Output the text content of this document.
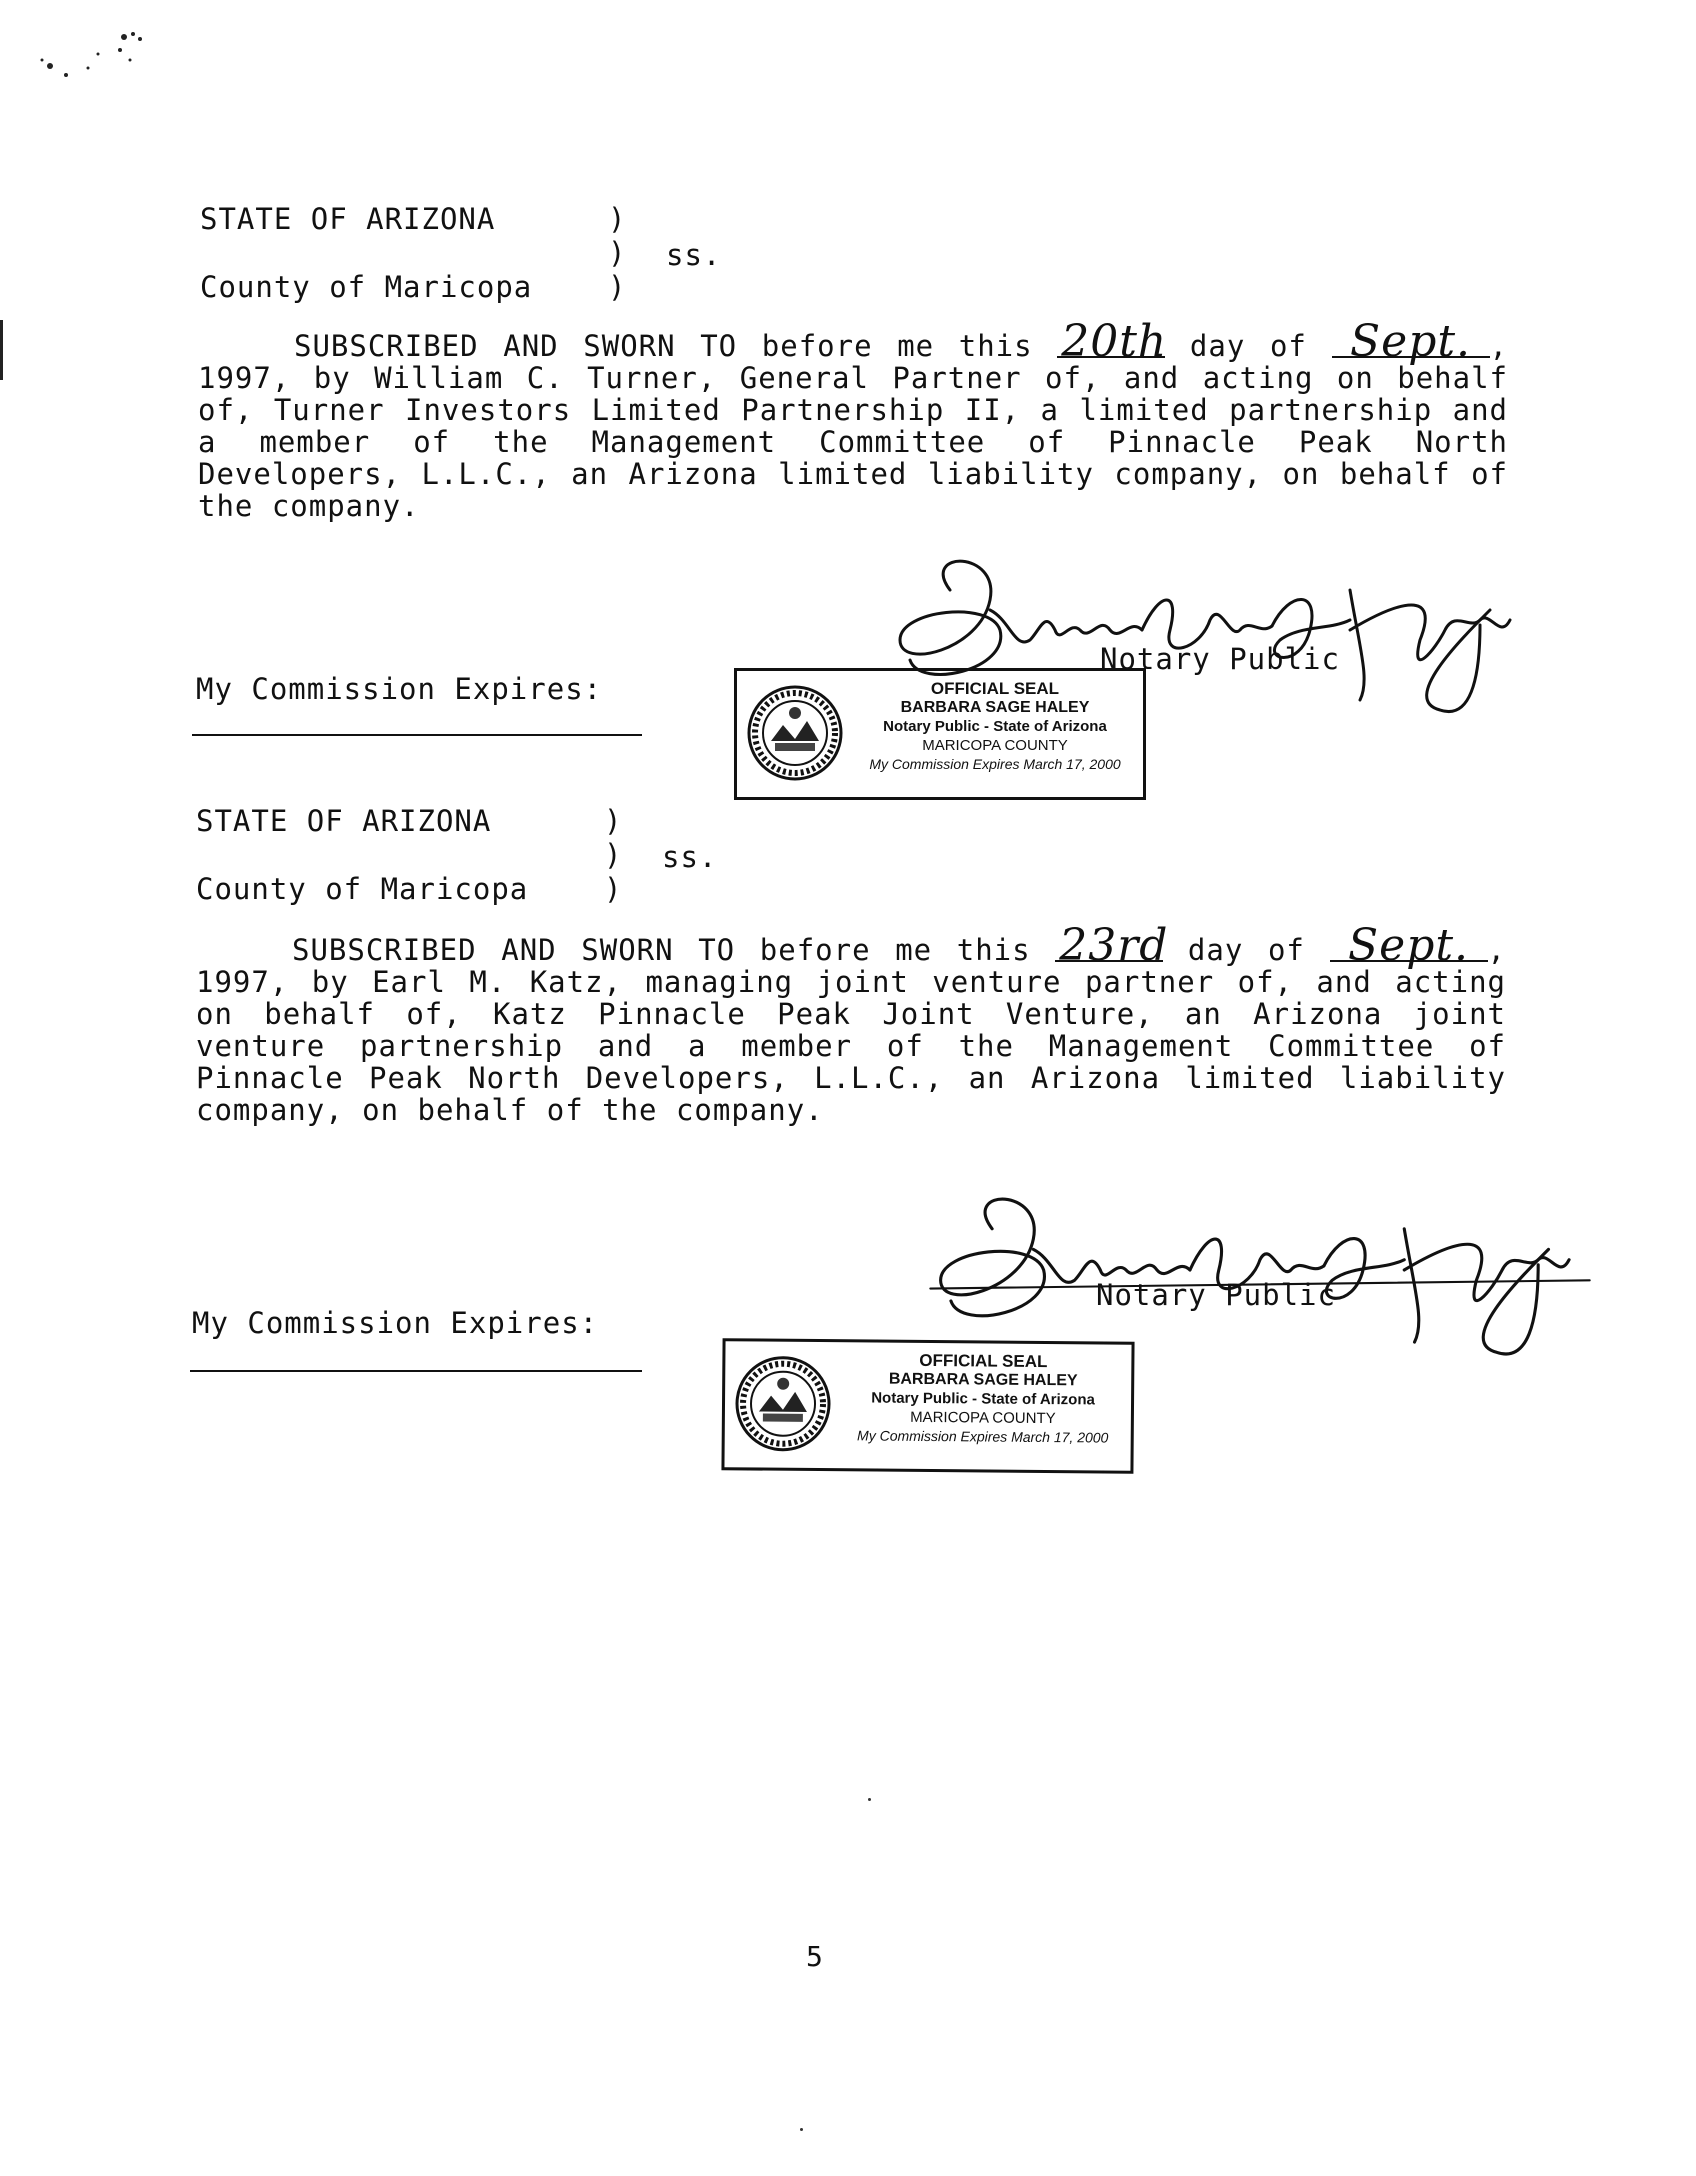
STATE OF ARIZONA	)
) ss.
County of Maricopa	)
SUBSCRIBED AND SWORN TO before me this 20th day of Sept. , 1997, by William C. Turner, General Partner of, and acting on behalf of, Turner Investors Limited Partnership II, a limited partnership and a member of the Management Committee of Pinnacle Peak North Developers, L.L.C., an Arizona limited liability company, on behalf of the company.
Notary Public
My Commission Expires:	OFFICIAL SEAL
BARBARA SAGE HALEY
Notary Public - State of Arizona
MARICOPA COUNTY
My Commission Expires March 17, 2000
STATE OF ARIZONA	)
) ss.
County of Maricopa	)
SUBSCRIBED AND SWORN TO before me this 23rd day of Sept. , 1997, by Earl M. Katz, managing joint venture partner of, and acting on behalf of, Katz Pinnacle Peak Joint Venture, an Arizona joint venture partnership and a member of the Management Committee of Pinnacle Peak North Developers, L.L.C., an Arizona limited liability company, on behalf of the company.
Notary Public
My Commission Expires:
OFFICIAL SEAL
BARBARA SAGE HALEY
Notary Public - State of Arizona
MARICOPA COUNTY
My Commission Expires March 17, 2000
5
